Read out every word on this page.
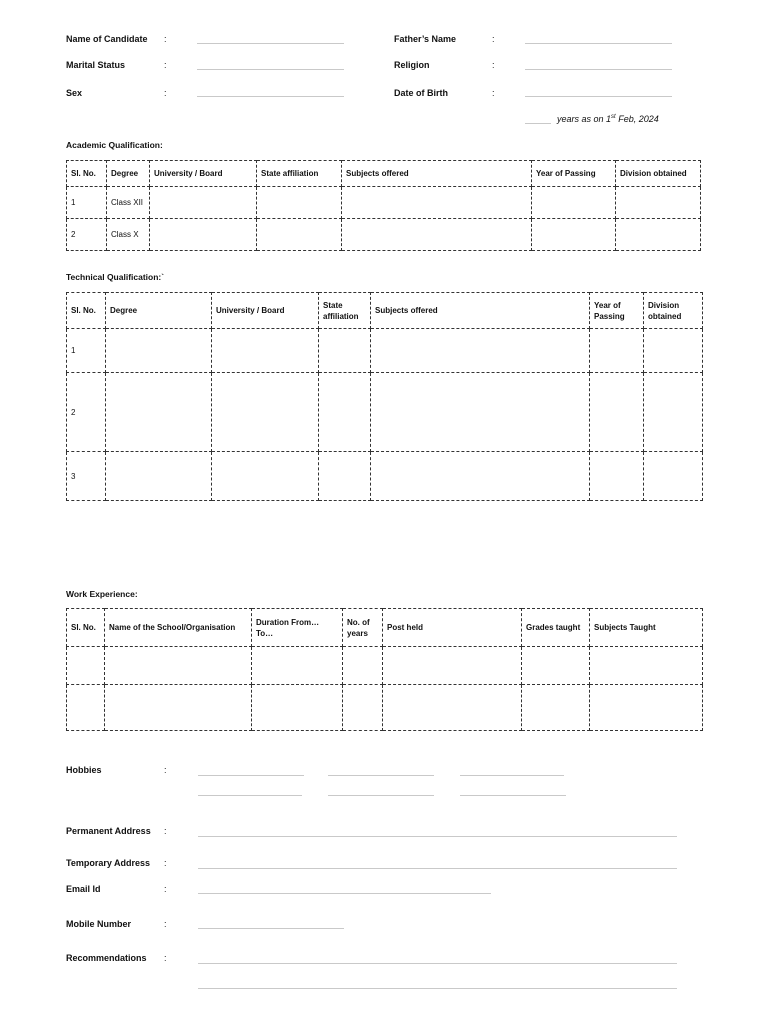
Name of Candidate :	Father’s Name	:
Marital Status	:	Religion	:
Sex	:	Date of Birth	:
years as on 1st Feb, 2024
Academic Qualification:
Sl. No.	Degree	University / Board	State affiliation	Subjects offered	Year of Passing	Division obtained
1	Class XII					
2	Class X					
Technical Qualification:`
Sl. No.	Degree	University / Board	State affiliation	Subjects offered	Year of Passing	Division obtained
1						
2						
3						
Work Experience:
Sl. No.	Name of the School/Organisation	Duration From… To…	No. of years	Post held	Grades taught	Subjects Taught

Hobbies	:
Permanent Address :
Temporary Address :
Email Id	:
Mobile Number	:
Recommendations :
